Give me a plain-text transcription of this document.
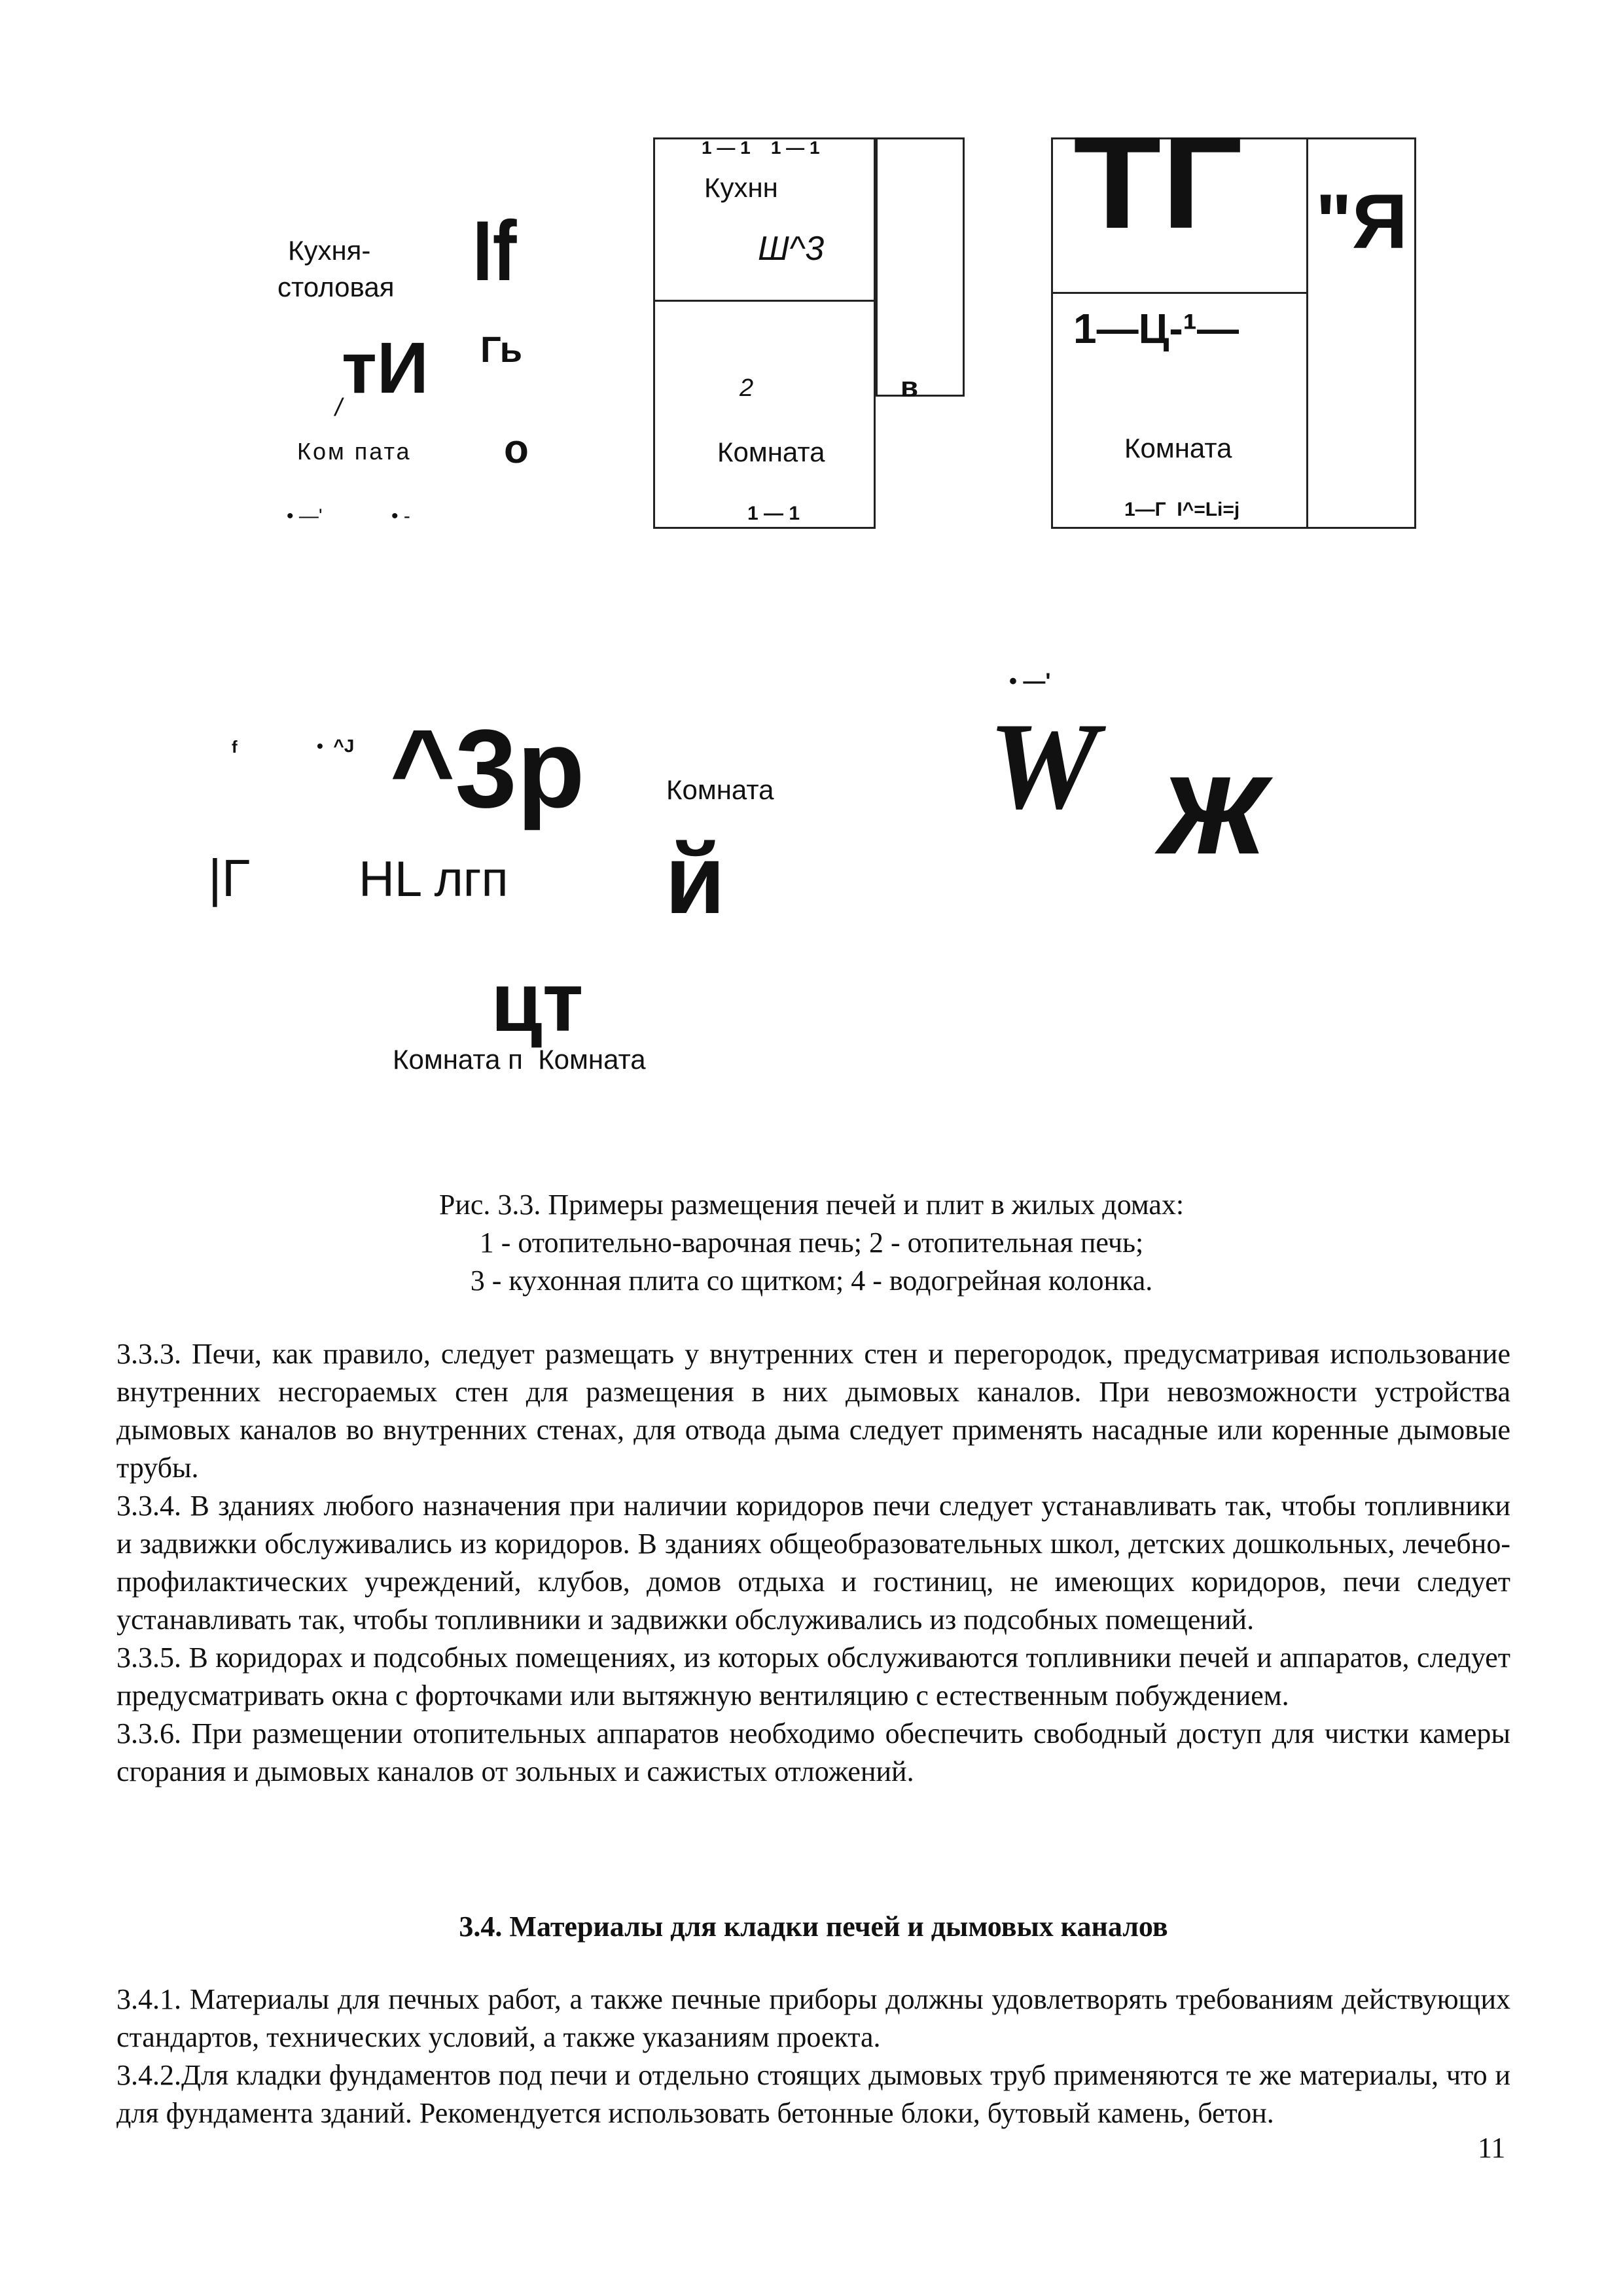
Кухня-
столовая If
тИ Гь
/
Ком пата о
• —'	• -
1 — 1    1 — 1
Кухнн
Ш^3
2	в
Комната
1 — 1
ТГ "Я
1—Ц-¹—
Комната
1—Г  I^=Li=j
f	•  ^J ^3р	Комната
|Г HL лгп й
• —'
W ж
цт
Комната п  Комната
Рис. 3.3. Примеры размещения печей и плит в жилых домах:
1 - отопительно-варочная печь; 2 - отопительная печь;
3 - кухонная плита со щитком; 4 - водогрейная колонка.

3.3.3. Печи, как правило, следует размещать у внутренних стен и перегородок, предусматривая использование внутренних несгораемых стен для размещения в них дымовых каналов. При невозможности устройства дымовых каналов во внутренних стенах, для отвода дыма следует применять насадные или коренные дымовые трубы.

3.3.4. В зданиях любого назначения при наличии коридоров печи следует устанавливать так, чтобы топливники и задвижки обслуживались из коридоров. В зданиях общеобразовательных школ, детских дошкольных, лечебно-профилактических учреждений, клубов, домов отдыха и гостиниц, не имеющих коридоров, печи следует устанавливать так, чтобы топливники и задвижки обслуживались из подсобных помещений.

3.3.5. В коридорах и подсобных помещениях, из которых обслуживаются топливники печей и аппаратов, следует предусматривать окна с форточками или вытяжную вентиляцию с естественным побуждением.

3.3.6. При размещении отопительных аппаратов необходимо обеспечить свободный доступ для чистки камеры сгорания и дымовых каналов от зольных и сажистых отложений.

3.4. Материалы для кладки печей и дымовых каналов

3.4.1. Материалы для печных работ, а также печные приборы должны удовлетворять требованиям действующих стандартов, технических условий, а также указаниям проекта.

3.4.2.Для кладки фундаментов под печи и отдельно стоящих дымовых труб применяются те же материалы, что и для фундамента зданий. Рекомендуется использовать бетонные блоки, бутовый камень, бетон.

11
